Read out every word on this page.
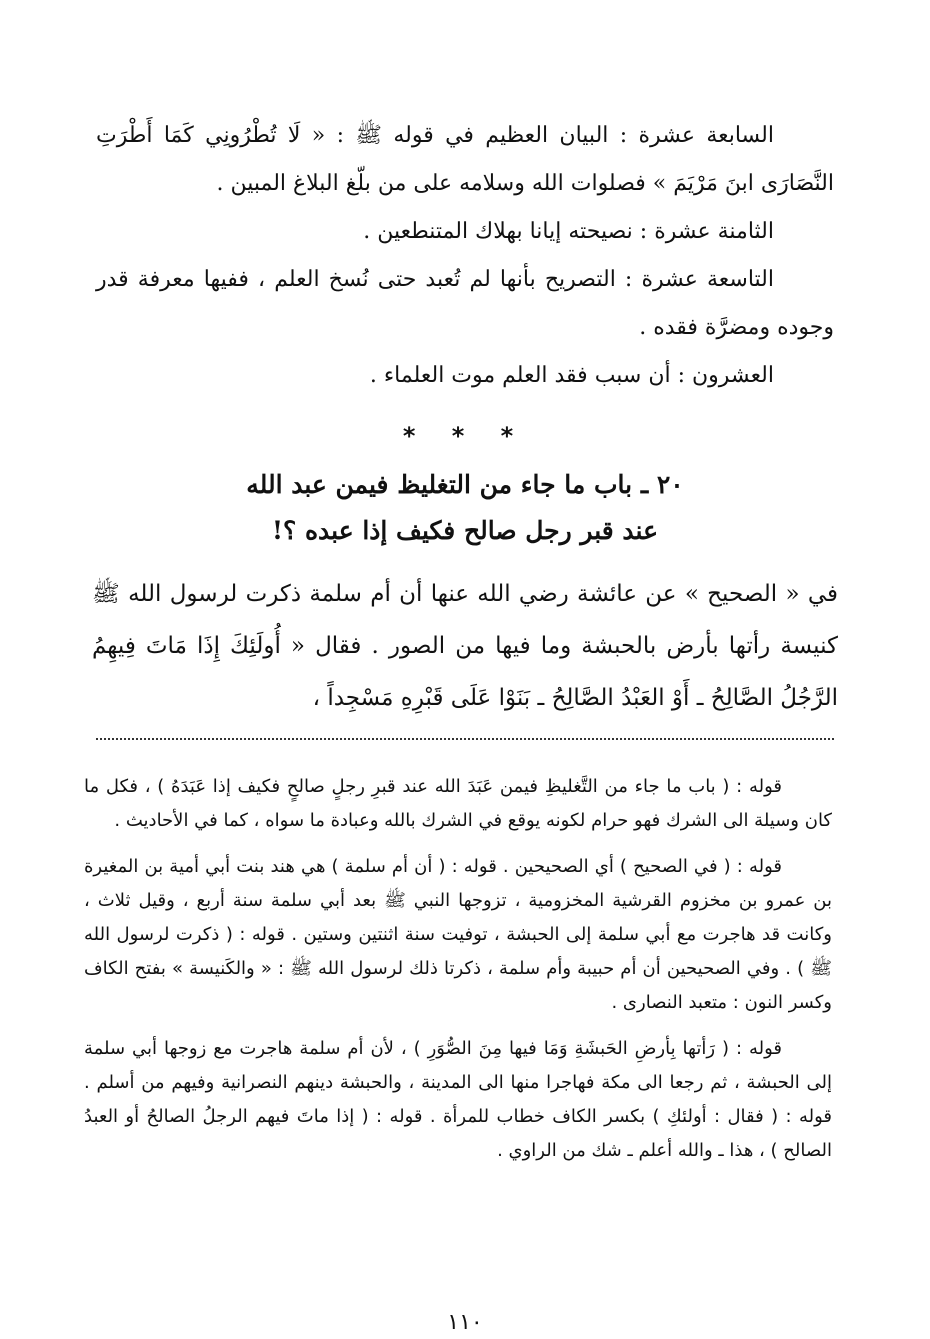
السابعة عشرة : البيان العظيم في قوله ﷺ : « لَا تُطْرُونِي كَمَا أَطْرَتِ النَّصَارَى ابنَ مَرْيَمَ » فصلوات الله وسلامه على من بلّغ البلاغ المبين .

الثامنة عشرة : نصيحته إيانا بهلاك المتنطعين .

التاسعة عشرة : التصريح بأنها لم تُعبد حتى نُسخ العلم ، ففيها معرفة قدر وجوده ومضرَّة فقده .

العشرون : أن سبب فقد العلم موت العلماء .

* * *
٢٠ ـ باب ما جاء من التغليظ فيمن عبد الله
عند قبر رجل صالح فكيف إذا عبده ؟!

في « الصحيح » عن عائشة رضي الله عنها أن أم سلمة ذكرت لرسول الله ﷺ كنيسة رأتها بأرض بالحبشة وما فيها من الصور . فقال « أُولَئِكَ إِذَا مَاتَ فِيهِمُ الرَّجُلُ الصَّالِحُ ـ أَوْ العَبْدُ الصَّالِحُ ـ بَنَوْا عَلَى قَبْرِهِ مَسْجِداً ،

قوله : ( باب ما جاء من التَّغليظِ فيمن عَبَدَ الله عند قبرِ رجلٍ صالحٍ فكيف إذا عَبَدَهُ ) ، فكل ما كان وسيلة الى الشرك فهو حرام لكونه يوقع في الشرك بالله وعبادة ما سواه ، كما في الأحاديث .

قوله : ( في الصحيح ) أي الصحيحين . قوله : ( أن أم سلمة ) هي هند بنت أبي أمية بن المغيرة بن عمرو بن مخزوم القرشية المخزومية ، تزوجها النبي ﷺ بعد أبي سلمة سنة أربع ، وقيل ثلاث ، وكانت قد هاجرت مع أبي سلمة إلى الحبشة ، توفيت سنة اثنتين وستين . قوله : ( ذكرت لرسول الله ﷺ ) . وفي الصحيحين أن أم حبيبة وأم سلمة ، ذكرتا ذلك لرسول الله ﷺ : « والكَنيسة » بفتح الكاف وكسر النون : متعبد النصارى .

قوله : ( رَأتها بِأرضِ الحَبشَةِ وَمَا فيها مِنَ الصُّوَرِ ) ، لأن أم سلمة هاجرت مع زوجها أبي سلمة إلى الحبشة ، ثم رجعا الى مكة فهاجرا منها الى المدينة ، والحبشة دينهم النصرانية وفيهم من أسلم . قوله : ( فقال : أولئكِ ) بكسر الكاف خطاب للمرأة . قوله : ( إذا ماتَ فيهم الرجلُ الصالحُ أو العبدُ الصالح ) ، هذا ـ والله أعلم ـ شك من الراوي .

١١٠
